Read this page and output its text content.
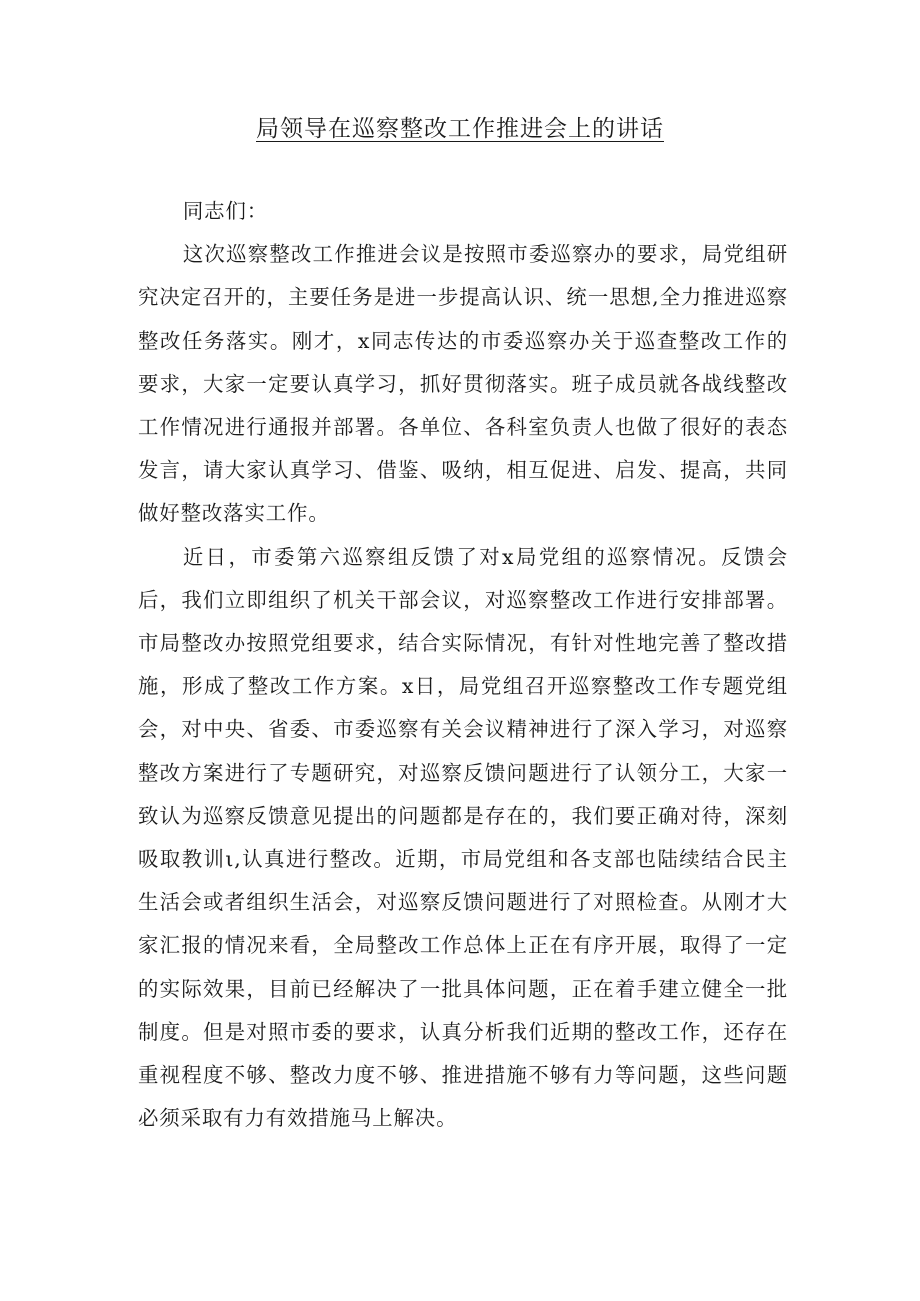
局领导在巡察整改工作推进会上的讲话

同志们：

这次巡察整改工作推进会议是按照市委巡察办的要求，局党组研究决定召开的，主要任务是进一步提高认识、统一思想,全力推进巡察整改任务落实。刚才，x同志传达的市委巡察办关于巡查整改工作的要求，大家一定要认真学习，抓好贯彻落实。班子成员就各战线整改工作情况进行通报并部署。各单位、各科室负责人也做了很好的表态发言，请大家认真学习、借鉴、吸纳，相互促进、启发、提高，共同做好整改落实工作。

近日，市委第六巡察组反馈了对x局党组的巡察情况。反馈会后，我们立即组织了机关干部会议，对巡察整改工作进行安排部署。市局整改办按照党组要求，结合实际情况，有针对性地完善了整改措施，形成了整改工作方案。x日，局党组召开巡察整改工作专题党组会，对中央、省委、市委巡察有关会议精神进行了深入学习，对巡察整改方案进行了专题研究，对巡察反馈问题进行了认领分工，大家一致认为巡察反馈意见提出的问题都是存在的，我们要正确对待，深刻吸取教训ι,认真进行整改。近期，市局党组和各支部也陆续结合民主生活会或者组织生活会，对巡察反馈问题进行了对照检查。从刚才大家汇报的情况来看，全局整改工作总体上正在有序开展，取得了一定的实际效果，目前已经解决了一批具体问题，正在着手建立健全一批制度。但是对照市委的要求，认真分析我们近期的整改工作，还存在重视程度不够、整改力度不够、推进措施不够有力等问题，这些问题必须采取有力有效措施马上解决。
